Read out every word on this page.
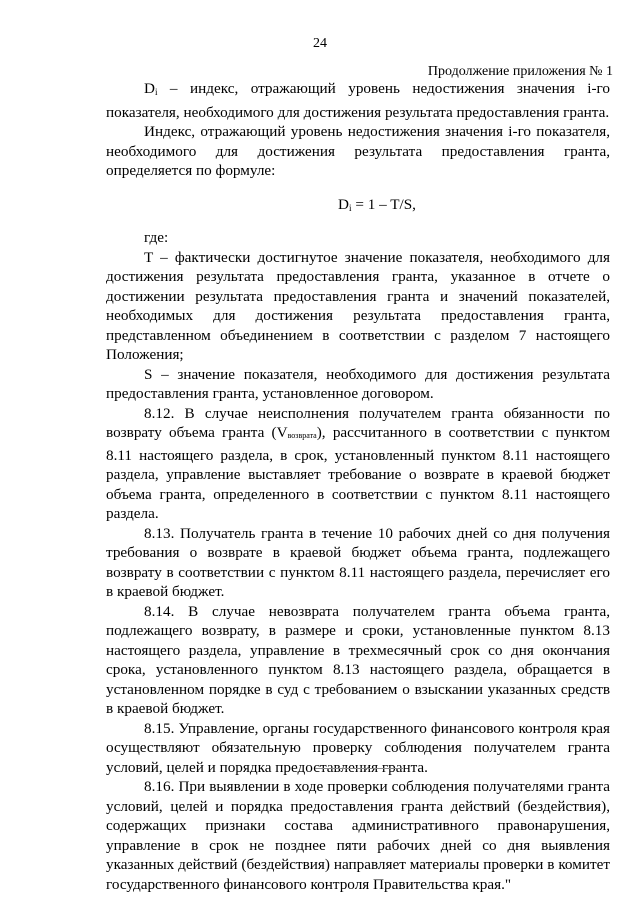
24
Продолжение приложения № 1

$D_i$ – индекс, отражающий уровень недостижения значения i-го показателя, необходимого для достижения результата предоставления гранта.

Индекс, отражающий уровень недостижения значения i-го показателя, необходимого для достижения результата предоставления гранта, определяется по формуле:

$D_i = 1 - T/S$,

где:

T – фактически достигнутое значение показателя, необходимого для достижения результата предоставления гранта, указанное в отчете о достижении результата предоставления гранта и значений показателей, необходимых для достижения результата предоставления гранта, представленном объединением в соответствии с разделом 7 настоящего Положения;

S – значение показателя, необходимого для достижения результата предоставления гранта, установленное договором.

8.12. В случае неисполнения получателем гранта обязанности по возврату объема гранта (Vвозврата), рассчитанного в соответствии с пунктом 8.11 настоящего раздела, в срок, установленный пунктом 8.11 настоящего раздела, управление выставляет требование о возврате в краевой бюджет объема гранта, определенного в соответствии с пунктом 8.11 настоящего раздела.

8.13. Получатель гранта в течение 10 рабочих дней со дня получения требования о возврате в краевой бюджет объема гранта, подлежащего возврату в соответствии с пунктом 8.11 настоящего раздела, перечисляет его в краевой бюджет.

8.14. В случае невозврата получателем гранта объема гранта, подлежащего возврату, в размере и сроки, установленные пунктом 8.13 настоящего раздела, управление в трехмесячный срок со дня окончания срока, установленного пунктом 8.13 настоящего раздела, обращается в установленном порядке в суд с требованием о взыскании указанных средств в краевой бюджет.

8.15. Управление, органы государственного финансового контроля края осуществляют обязательную проверку соблюдения получателем гранта условий, целей и порядка предоставления гранта.

8.16. При выявлении в ходе проверки соблюдения получателями гранта условий, целей и порядка предоставления гранта действий (бездействия), содержащих признаки состава административного правонарушения, управление в срок не позднее пяти рабочих дней со дня выявления указанных действий (бездействия) направляет материалы проверки в комитет государственного финансового контроля Правительства края."
